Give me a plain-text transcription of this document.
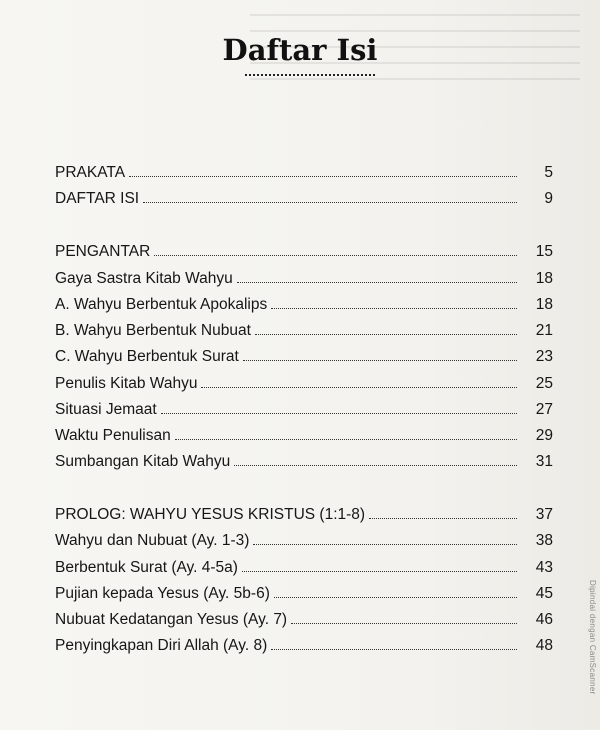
Daftar Isi
PRAKATA	5
DAFTAR ISI	9
PENGANTAR	15
Gaya Sastra Kitab Wahyu	18
A. Wahyu Berbentuk Apokalips	18
B. Wahyu Berbentuk Nubuat	21
C. Wahyu Berbentuk Surat	23
Penulis Kitab Wahyu	25
Situasi Jemaat	27
Waktu Penulisan	29
Sumbangan Kitab Wahyu	31
PROLOG: WAHYU YESUS KRISTUS (1:1-8)	37
Wahyu dan Nubuat (Ay. 1-3)	38
Berbentuk Surat (Ay. 4-5a)	43
Pujian kepada Yesus (Ay. 5b-6)	45
Nubuat Kedatangan Yesus (Ay. 7)	46
Penyingkapan Diri Allah (Ay. 8)	48	Dipindai dengan CamScanner
